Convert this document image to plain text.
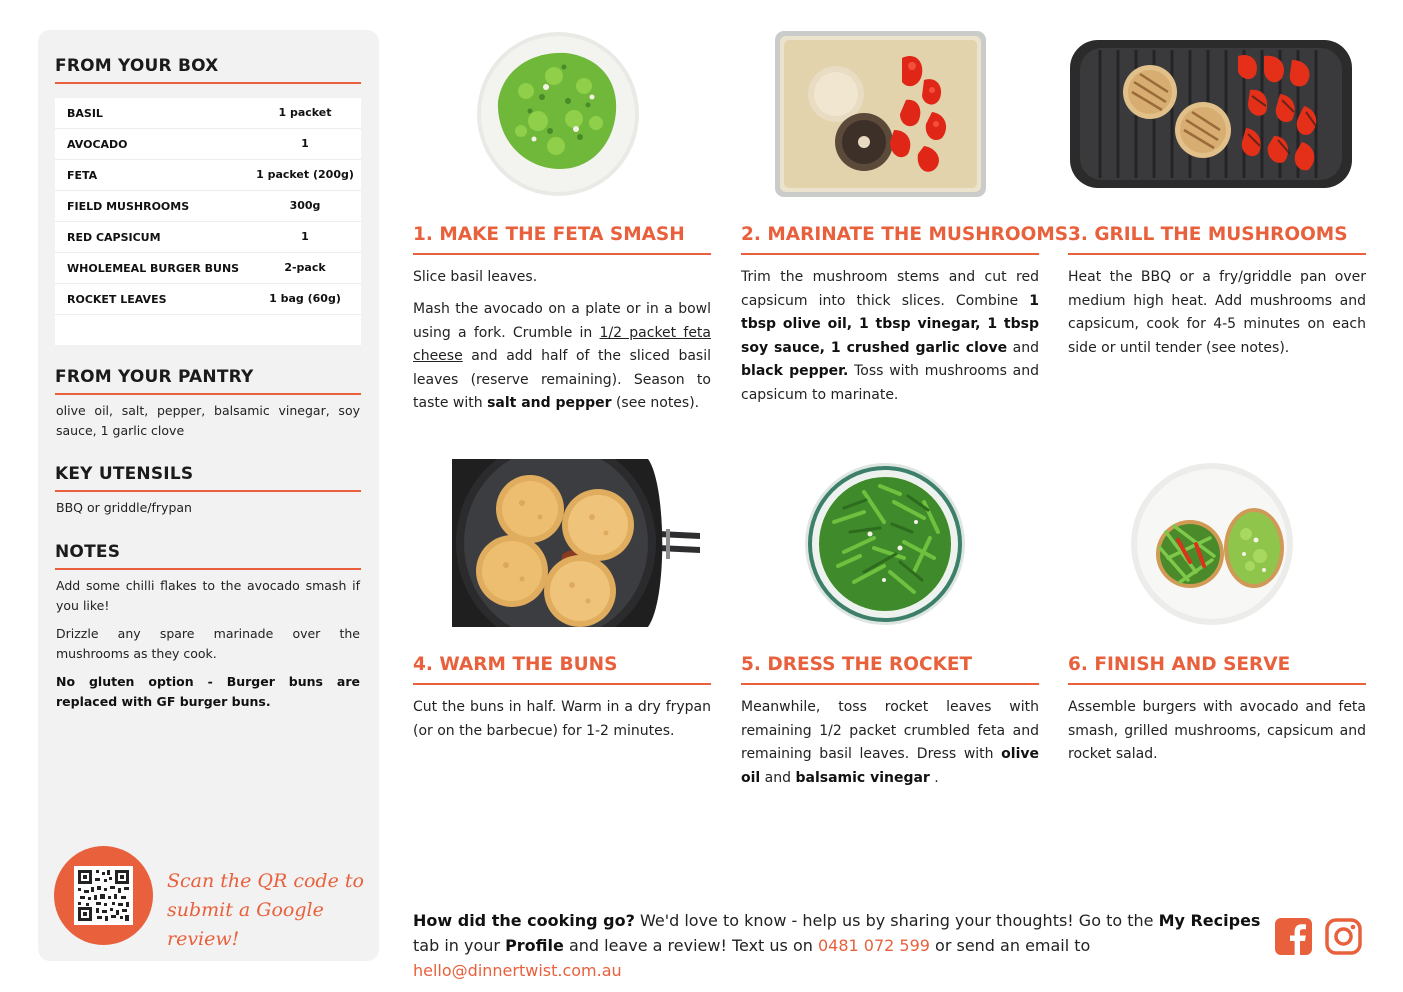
FROM YOUR BOX
BASIL	1 packet
AVOCADO	1
FETA	1 packet (200g)
FIELD MUSHROOMS	300g
RED CAPSICUM	1
WHOLEMEAL BURGER BUNS	2-pack
ROCKET LEAVES	1 bag (60g)
FROM YOUR PANTRY
olive oil, salt, pepper, balsamic vinegar, soy sauce, 1 garlic clove
KEY UTENSILS
BBQ or griddle/frypan
NOTES
Add some chilli flakes to the avocado smash if you like!
Drizzle any spare marinade over the mushrooms as they cook.
No gluten option - Burger buns are replaced with GF burger buns.
Scan the QR code to
submit a Google review!
1. MAKE THE FETA SMASH
Slice basil leaves.
Mash the avocado on a plate or in a bowl using a fork. Crumble in 1/2 packet feta cheese and add half of the sliced basil leaves (reserve remaining). Season to taste with salt and pepper (see notes).
2. MARINATE THE MUSHROOMS
Trim the mushroom stems and cut red capsicum into thick slices. Combine 1 tbsp olive oil, 1 tbsp vinegar, 1 tbsp soy sauce, 1 crushed garlic clove and black pepper. Toss with mushrooms and capsicum to marinate.
3. GRILL THE MUSHROOMS
Heat the BBQ or a fry/griddle pan over medium high heat. Add mushrooms and capsicum, cook for 4-5 minutes on each side or until tender (see notes).
4. WARM THE BUNS
Cut the buns in half. Warm in a dry frypan (or on the barbecue) for 1-2 minutes.
5. DRESS THE ROCKET
Meanwhile, toss rocket leaves with remaining 1/2 packet crumbled feta and remaining basil leaves. Dress with olive oil and balsamic vinegar .
6. FINISH AND SERVE
Assemble burgers with avocado and feta smash, grilled mushrooms, capsicum and rocket salad.
How did the cooking go? We'd love to know - help us by sharing your thoughts! Go to the My Recipes tab in your Profile and leave a review! Text us on 0481 072 599 or send an email to hello@dinnertwist.com.au
